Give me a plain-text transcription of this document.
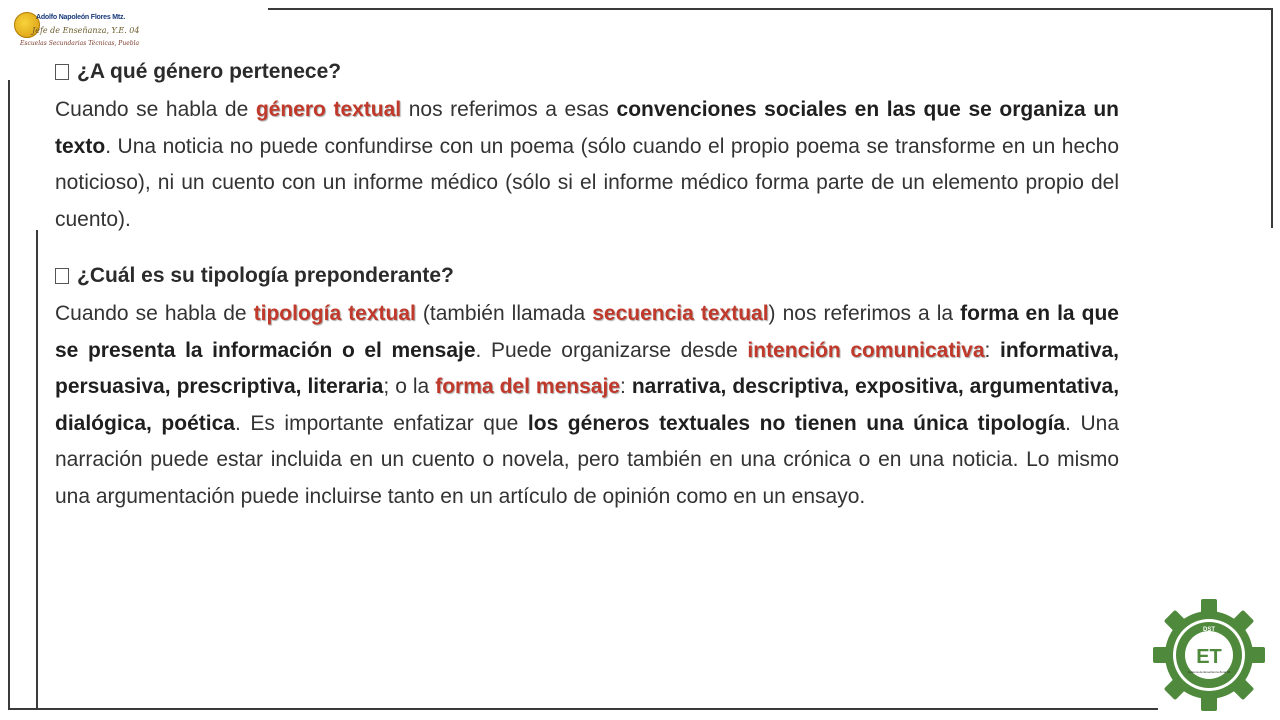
Adolfo Napoleón Flores Mtz.
Jefe de Enseñanza, Y.E. 04
Escuelas Secundarias Técnicas, Puebla
¿A qué género pertenece?

Cuando se habla de género textual nos referimos a esas convenciones sociales en las que se organiza un texto. Una noticia no puede confundirse con un poema (sólo cuando el propio poema se transforme en un hecho noticioso), ni un cuento con un informe médico (sólo si el informe médico forma parte de un elemento propio del cuento).

¿Cuál es su tipología preponderante?

Cuando se habla de tipología textual (también llamada secuencia textual) nos referimos a la forma en la que se presenta la información o el mensaje. Puede organizarse desde intención comunicativa: informativa, persuasiva, prescriptiva, literaria; o la forma del mensaje: narrativa, descriptiva, expositiva, argumentativa, dialógica, poética. Es importante enfatizar que los géneros textuales no tienen una única tipología. Una narración puede estar incluida en un cuento o novela, pero también en una crónica o en una noticia. Lo mismo una argumentación puede incluirse tanto en un artículo de opinión como en un ensayo.

DST
ET
Jefatura de Enseñanza Zona 04
